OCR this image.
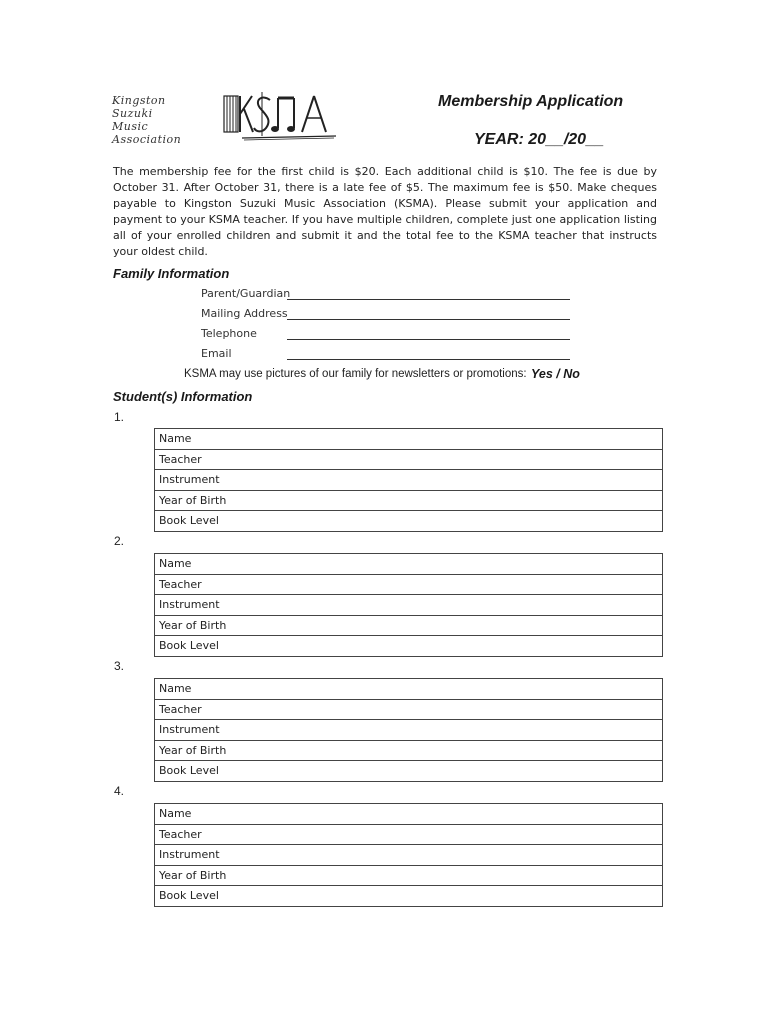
Kingston
Suzuki
Music
Association
Membership Application
YEAR: 20__/20__
The membership fee for the first child is $20. Each additional child is $10. The fee is due by October 31. After October 31, there is a late fee of $5. The maximum fee is $50. Make cheques payable to Kingston Suzuki Music Association (KSMA). Please submit your application and payment to your KSMA teacher. If you have multiple children, complete just one application listing all of your enrolled children and submit it and the total fee to the KSMA teacher that instructs your oldest child.
Family Information
Parent/Guardian
Mailing Address
Telephone
Email
KSMA may use pictures of our family for newsletters or promotions: Yes / No
Student(s) Information
1.
Name
Teacher
Instrument
Year of Birth
Book Level
2.
Name
Teacher
Instrument
Year of Birth
Book Level
3.
Name
Teacher
Instrument
Year of Birth
Book Level
4.
Name
Teacher
Instrument
Year of Birth
Book Level
